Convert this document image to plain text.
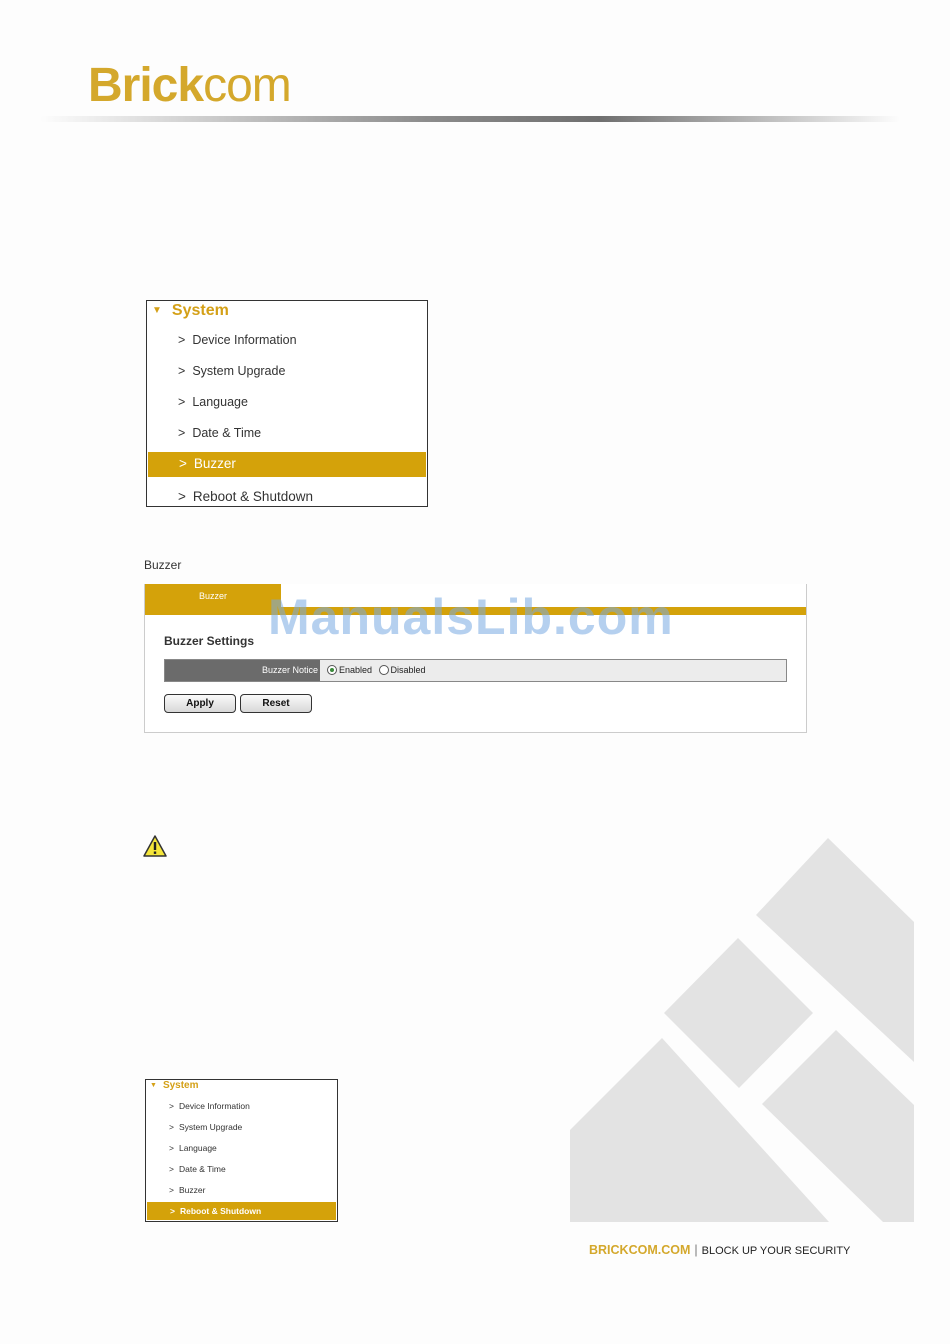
Brickcom
▼ System
> Device Information
> System Upgrade
> Language
> Date & Time
> Buzzer
> Reboot & Shutdown
Buzzer
Buzzer
Buzzer Settings
Buzzer Notice	Enabled Disabled
Apply	Reset
ManualsLib.com
▼ System
> Device Information
> System Upgrade
> Language
> Date & Time
> Buzzer
> Reboot & Shutdown
BRICKCOM.COM | BLOCK UP YOUR SECURITY
